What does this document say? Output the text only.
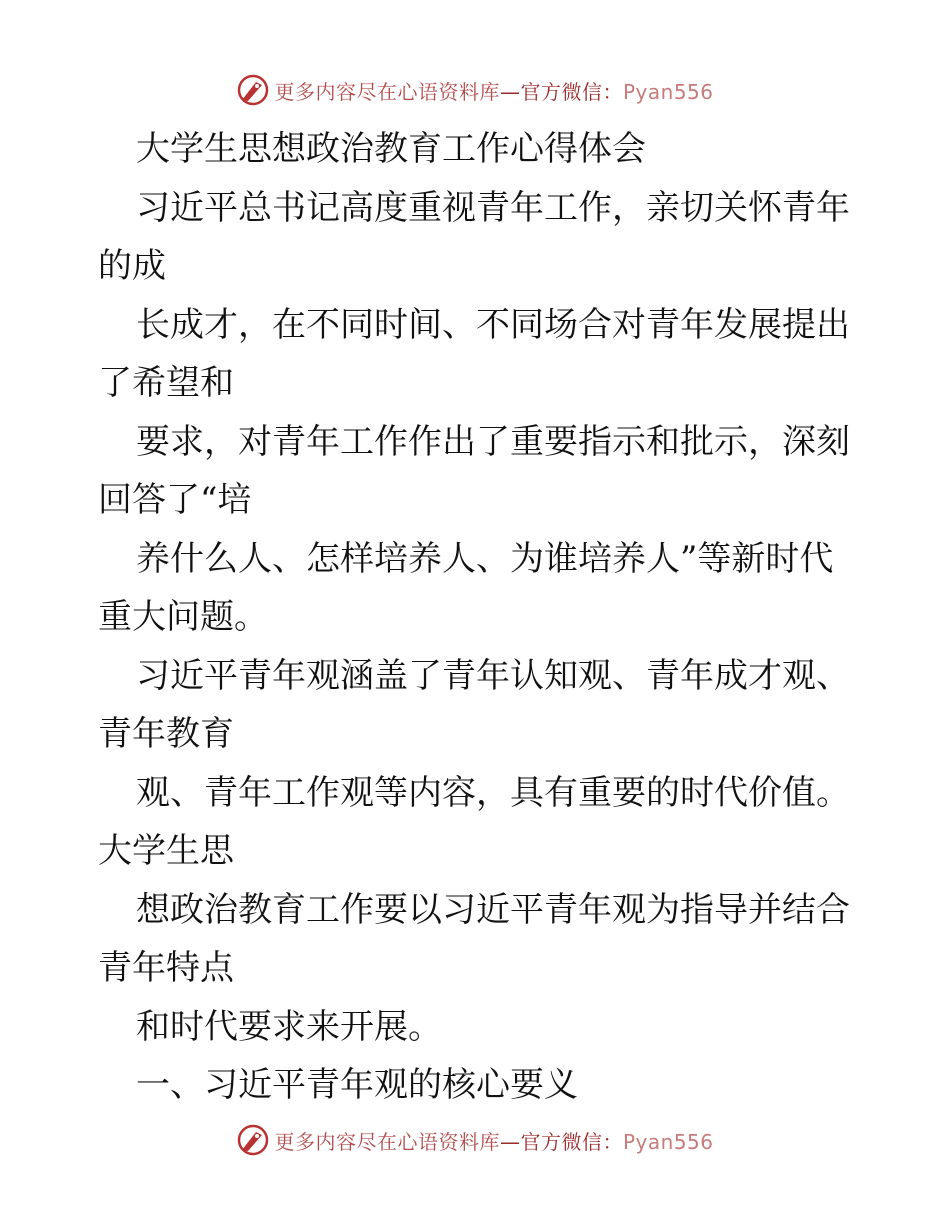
更多内容尽在心语资料库—官方微信：Pyan556
大学生思想政治教育工作心得体会
习近平总书记高度重视青年工作，亲切关怀青年
的成
长成才，在不同时间、不同场合对青年发展提出
了希望和
要求，对青年工作作出了重要指示和批示，深刻
回答了“培
养什么人、怎样培养人、为谁培养人”等新时代
重大问题。
习近平青年观涵盖了青年认知观、青年成才观、
青年教育
观、青年工作观等内容，具有重要的时代价值。
大学生思
想政治教育工作要以习近平青年观为指导并结合
青年特点
和时代要求来开展。
一、习近平青年观的核心要义
更多内容尽在心语资料库—官方微信：Pyan556
